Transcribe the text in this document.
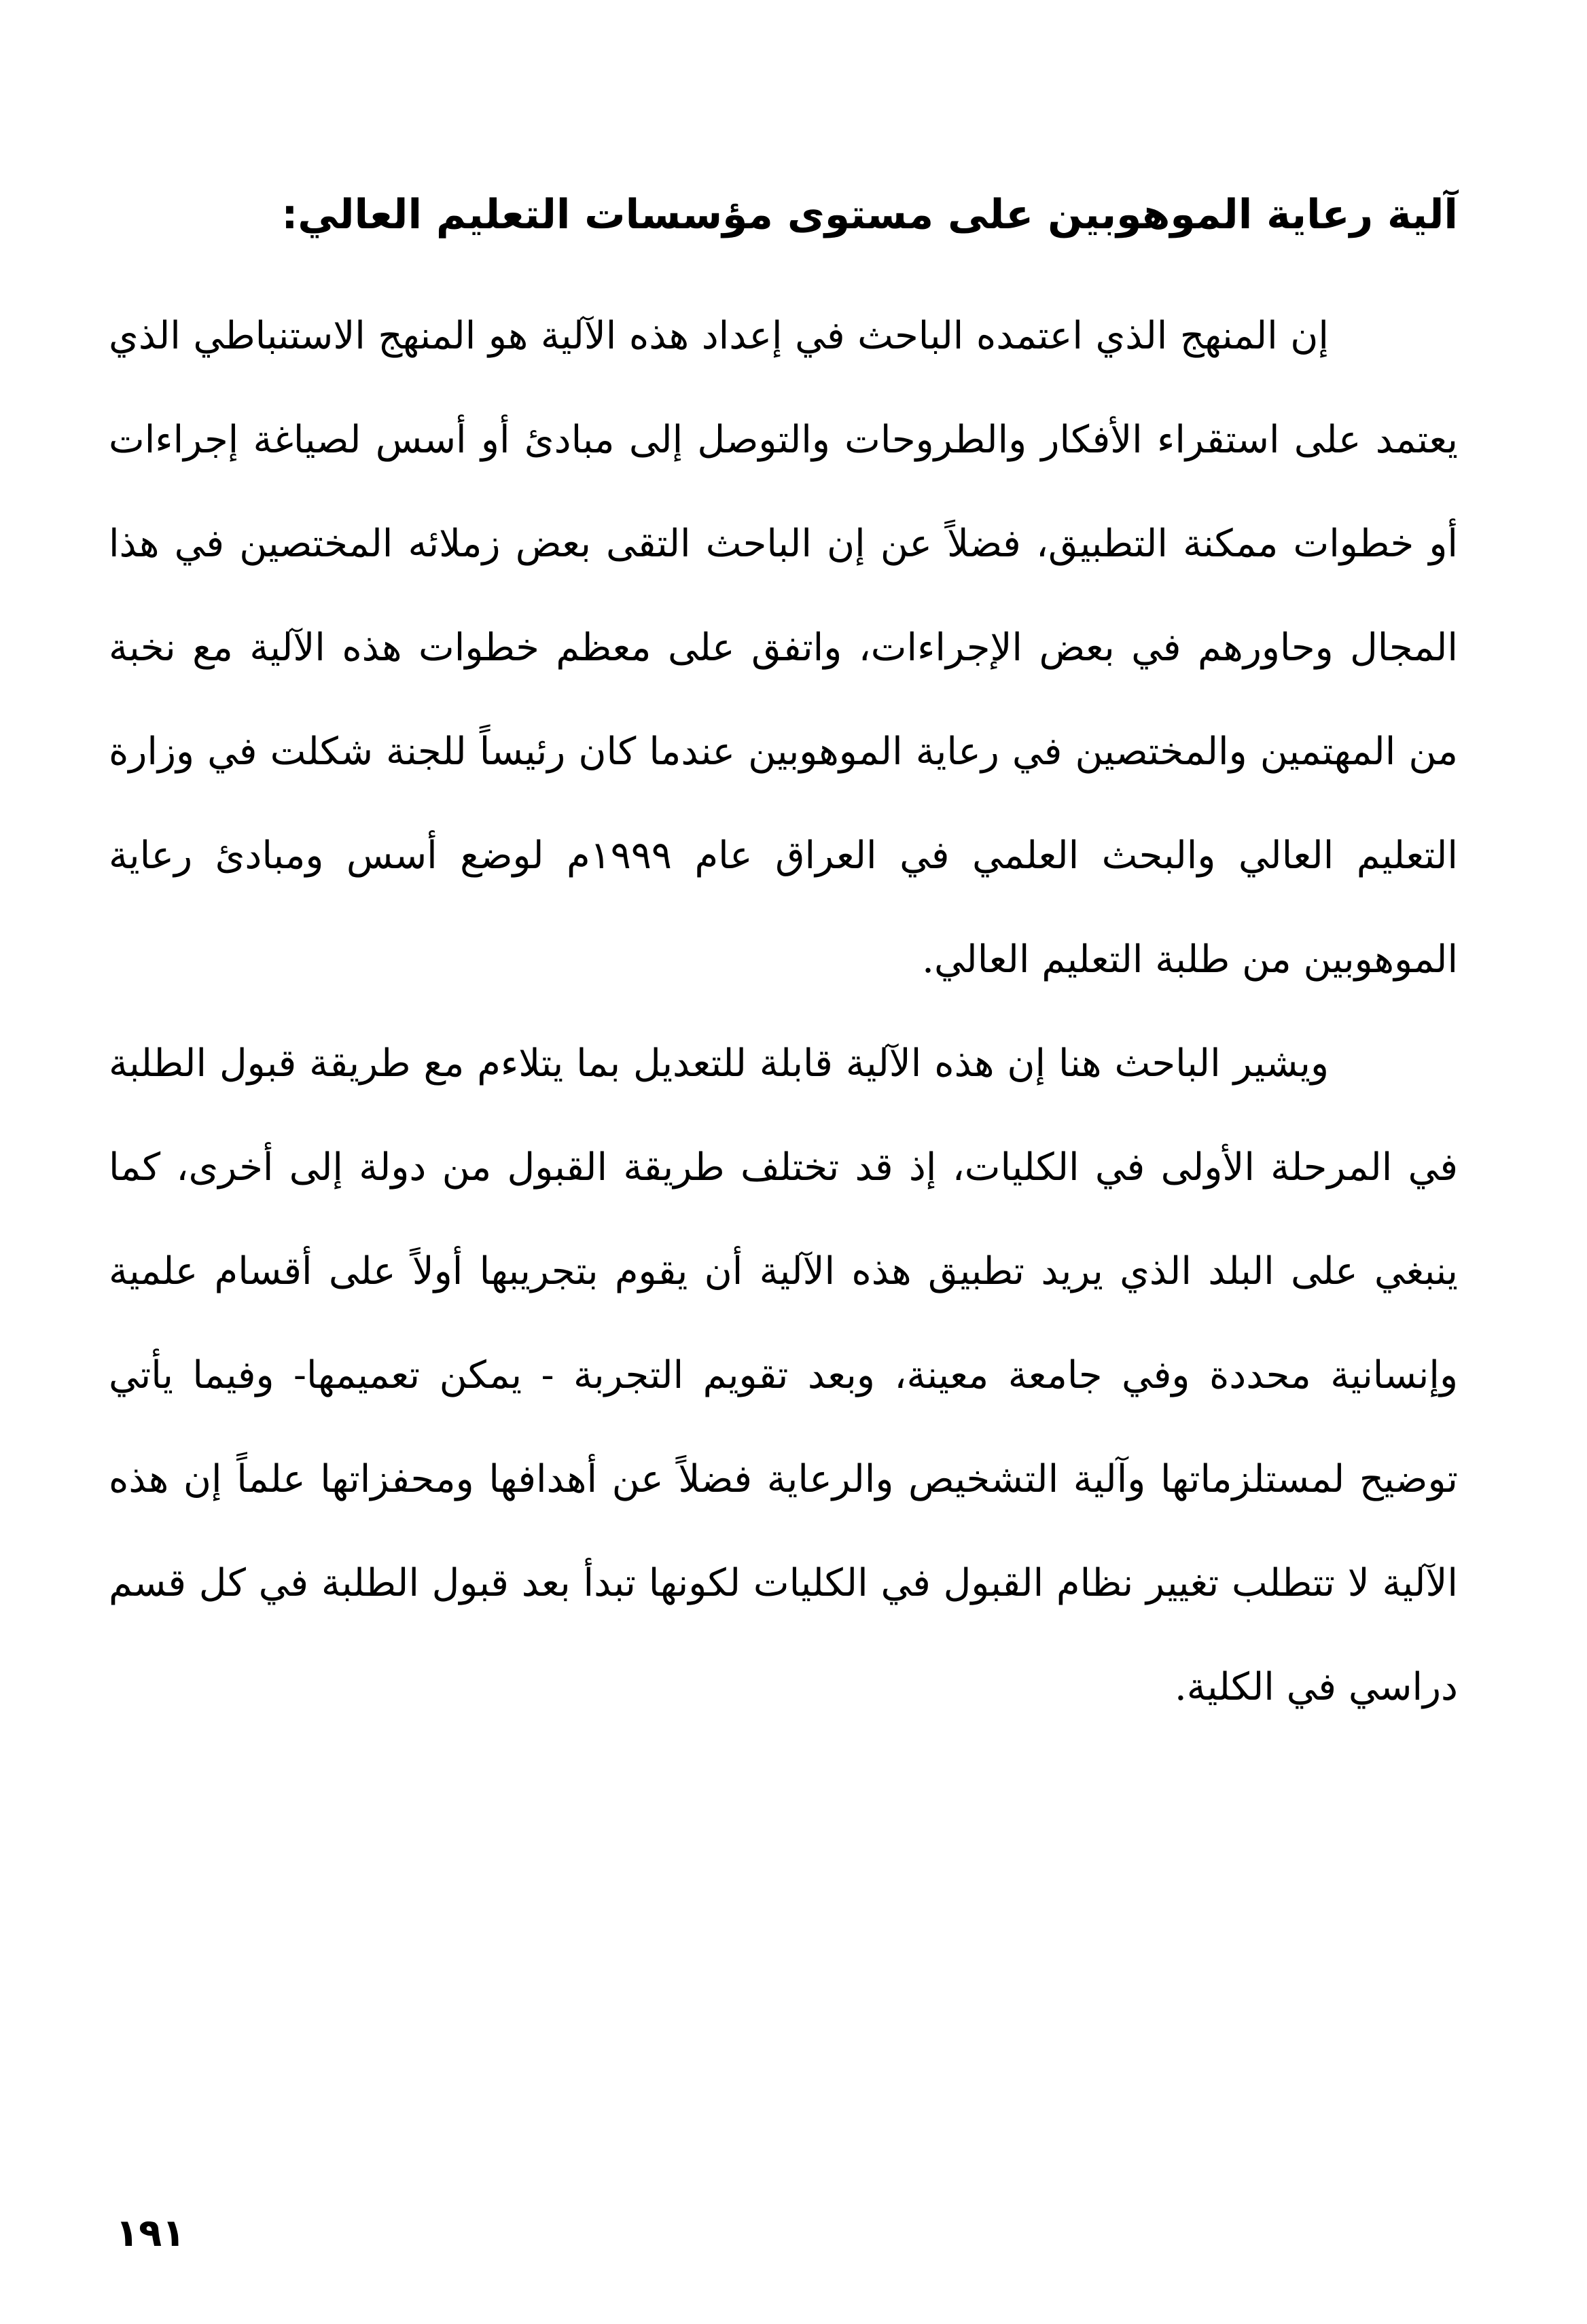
آلية رعاية الموهوبين على مستوى مؤسسات التعليم العالي:

إن المنهج الذي اعتمده الباحث في إعداد هذه الآلية هو المنهج الاستنباطي الذي يعتمد على استقراء الأفكار والطروحات والتوصل إلى مبادئ أو أسس لصياغة إجراءات أو خطوات ممكنة التطبيق، فضلاً عن إن الباحث التقى بعض زملائه المختصين في هذا المجال وحاورهم في بعض الإجراءات، واتفق على معظم خطوات هذه الآلية مع نخبة من المهتمين والمختصين في رعاية الموهوبين عندما كان رئيساً للجنة شكلت في وزارة التعليم العالي والبحث العلمي في العراق عام ١٩٩٩م لوضع أسس ومبادئ رعاية الموهوبين من طلبة التعليم العالي.

ويشير الباحث هنا إن هذه الآلية قابلة للتعديل بما يتلاءم مع طريقة قبول الطلبة في المرحلة الأولى في الكليات، إذ قد تختلف طريقة القبول من دولة إلى أخرى، كما ينبغي على البلد الذي يريد تطبيق هذه الآلية أن يقوم بتجريبها أولاً على أقسام علمية وإنسانية محددة وفي جامعة معينة، وبعد تقويم التجربة - يمكن تعميمها- وفيما يأتي توضيح لمستلزماتها وآلية التشخيص والرعاية فضلاً عن أهدافها ومحفزاتها علماً إن هذه الآلية لا تتطلب تغيير نظام القبول في الكليات لكونها تبدأ بعد قبول الطلبة في كل قسم دراسي في الكلية.

١٩١
